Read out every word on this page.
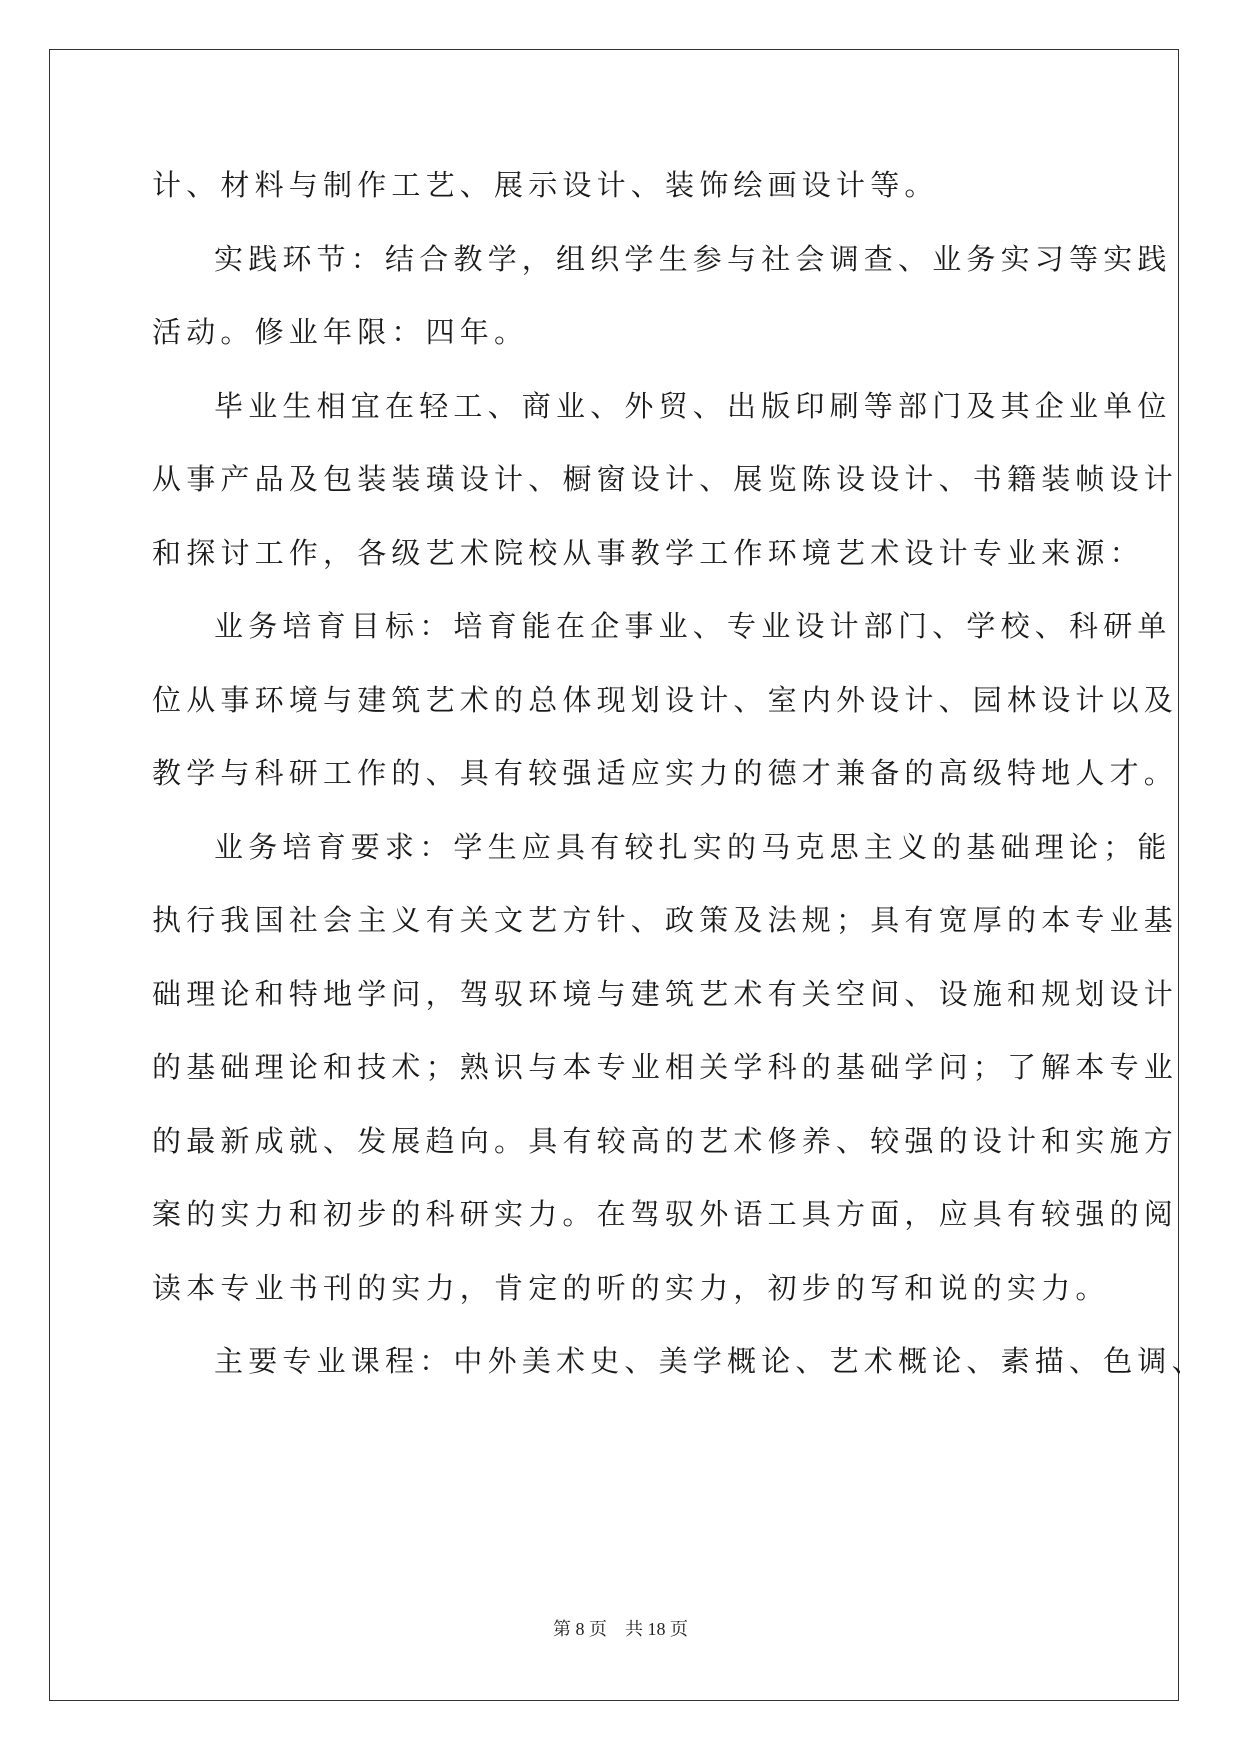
计、材料与制作工艺、展示设计、装饰绘画设计等。
实践环节：结合教学，组织学生参与社会调查、业务实习等实践
活动。修业年限：四年。
毕业生相宜在轻工、商业、外贸、出版印刷等部门及其企业单位
从事产品及包装装璜设计、橱窗设计、展览陈设设计、书籍装帧设计
和探讨工作，各级艺术院校从事教学工作环境艺术设计专业来源：
业务培育目标：培育能在企事业、专业设计部门、学校、科研单
位从事环境与建筑艺术的总体现划设计、室内外设计、园林设计以及
教学与科研工作的、具有较强适应实力的德才兼备的高级特地人才。
业务培育要求：学生应具有较扎实的马克思主义的基础理论；能
执行我国社会主义有关文艺方针、政策及法规；具有宽厚的本专业基
础理论和特地学问，驾驭环境与建筑艺术有关空间、设施和规划设计
的基础理论和技术；熟识与本专业相关学科的基础学问；了解本专业
的最新成就、发展趋向。具有较高的艺术修养、较强的设计和实施方
案的实力和初步的科研实力。在驾驭外语工具方面，应具有较强的阅
读本专业书刊的实力，肯定的听的实力，初步的写和说的实力。
主要专业课程：中外美术史、美学概论、艺术概论、素描、色调、
第 8 页    共 18 页
